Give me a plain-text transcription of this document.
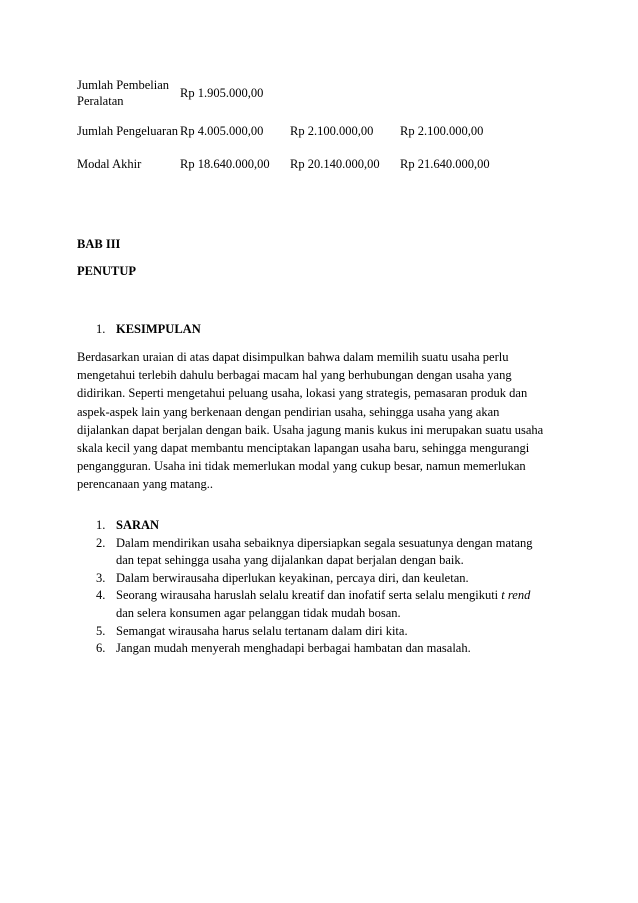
Jumlah Pembelian Peralatan	Rp 1.905.000,00		
Jumlah Pengeluaran	Rp 4.005.000,00	Rp 2.100.000,00	Rp 2.100.000,00
Modal Akhir	Rp 18.640.000,00	Rp 20.140.000,00	Rp 21.640.000,00
BAB III
PENUTUP
1. KESIMPULAN
Berdasarkan uraian di atas dapat disimpulkan bahwa dalam memilih suatu usaha perlu
mengetahui terlebih dahulu berbagai macam hal yang berhubungan dengan usaha yang
didirikan. Seperti mengetahui peluang usaha, lokasi yang strategis, pemasaran produk dan
aspek-aspek lain yang berkenaan dengan pendirian usaha, sehingga usaha yang akan
dijalankan dapat berjalan dengan baik. Usaha jagung manis kukus ini merupakan suatu usaha
skala kecil yang dapat membantu menciptakan lapangan usaha baru, sehingga mengurangi
pengangguran. Usaha ini tidak memerlukan modal yang cukup besar, namun memerlukan
perencanaan yang matang..
1. SARAN
2. Dalam mendirikan usaha sebaiknya dipersiapkan segala sesuatunya dengan matang
dan tepat sehingga usaha yang dijalankan dapat berjalan dengan baik.
3. Dalam berwirausaha diperlukan keyakinan, percaya diri, dan keuletan.
4. Seorang wirausaha haruslah selalu kreatif dan inofatif serta selalu mengikuti t rend
dan selera konsumen agar pelanggan tidak mudah bosan.
5. Semangat wirausaha harus selalu tertanam dalam diri kita.
6. Jangan mudah menyerah menghadapi berbagai hambatan dan masalah.
